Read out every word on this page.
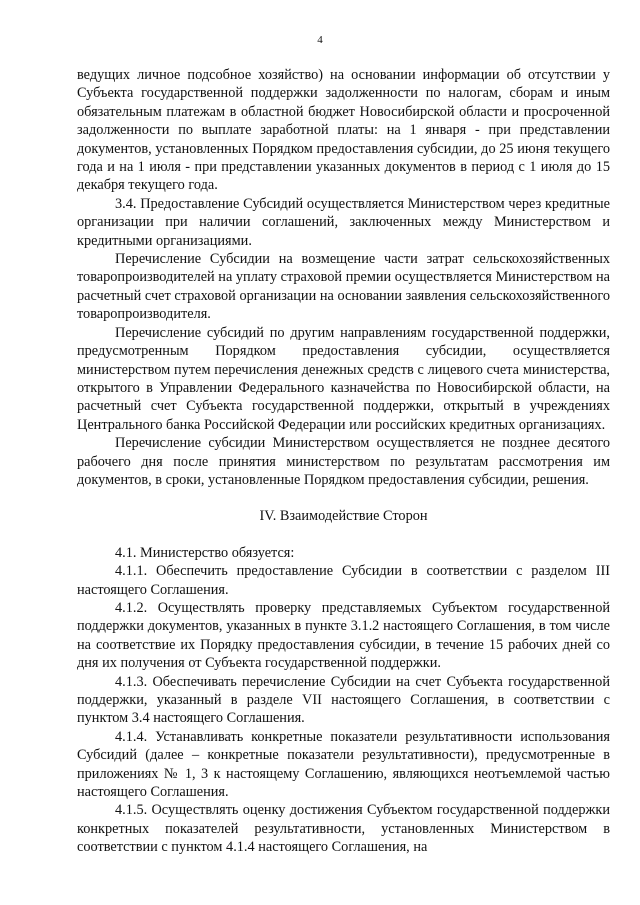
4

ведущих личное подсобное хозяйство) на основании информации об отсутствии у Субъекта государственной поддержки задолженности по налогам, сборам и иным обязательным платежам в областной бюджет Новосибирской области и просроченной задолженности по выплате заработной платы: на 1 января - при представлении документов, установленных Порядком предоставления субсидии, до 25 июня текущего года и на 1 июля - при представлении указанных документов в период с 1 июля до 15 декабря текущего года.

3.4. Предоставление Субсидий осуществляется Министерством через кредитные организации при наличии соглашений, заключенных между Министерством и кредитными организациями.

Перечисление Субсидии на возмещение части затрат сельскохозяйственных товаропроизводителей на уплату страховой премии осуществляется Министерством на расчетный счет страховой организации на основании заявления сельскохозяйственного товаропроизводителя.

Перечисление субсидий по другим направлениям государственной поддержки, предусмотренным Порядком предоставления субсидии, осуществляется министерством путем перечисления денежных средств с лицевого счета министерства, открытого в Управлении Федерального казначейства по Новосибирской области, на расчетный счет Субъекта государственной поддержки, открытый в учреждениях Центрального банка Российской Федерации или российских кредитных организациях.

Перечисление субсидии Министерством осуществляется не позднее десятого рабочего дня после принятия министерством по результатам рассмотрения им документов, в сроки, установленные Порядком предоставления субсидии, решения.

IV. Взаимодействие Сторон

4.1. Министерство обязуется:

4.1.1. Обеспечить предоставление Субсидии в соответствии с разделом III настоящего Соглашения.

4.1.2. Осуществлять проверку представляемых Субъектом государственной поддержки документов, указанных в пункте 3.1.2 настоящего Соглашения, в том числе на соответствие их Порядку предоставления субсидии, в течение 15 рабочих дней со дня их получения от Субъекта государственной поддержки.

4.1.3. Обеспечивать перечисление Субсидии на счет Субъекта государственной поддержки, указанный в разделе VII настоящего Соглашения, в соответствии с пунктом 3.4 настоящего Соглашения.

4.1.4. Устанавливать конкретные показатели результативности использования Субсидий (далее – конкретные показатели результативности), предусмотренные в приложениях № 1, 3 к настоящему Соглашению, являющихся неотъемлемой частью настоящего Соглашения.

4.1.5. Осуществлять оценку достижения Субъектом государственной поддержки конкретных показателей результативности, установленных Министерством в соответствии с пунктом 4.1.4 настоящего Соглашения, на
